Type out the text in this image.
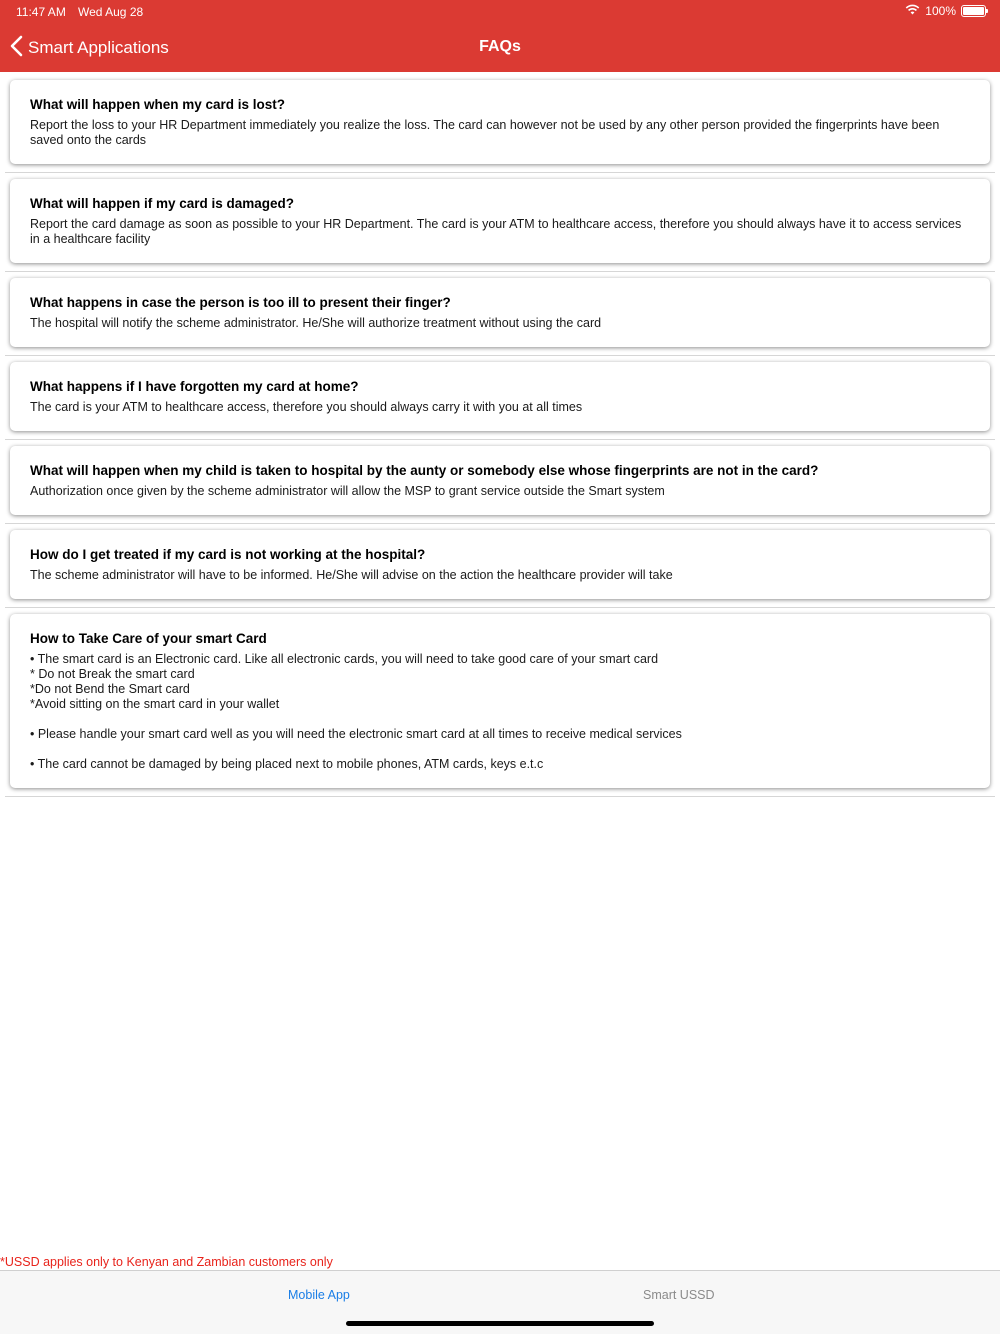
11:47 AM Wed Aug 28	100%
Smart Applications	FAQs
What will happen when my card is lost?
Report the loss to your HR Department immediately you realize the loss. The card can however not be used by any other person provided the fingerprints have been saved onto the cards
What will happen if my card is damaged?
Report the card damage as soon as possible to your HR Department. The card is your ATM to healthcare access, therefore you should always have it to access services in a healthcare facility
What happens in case the person is too ill to present their finger?
The hospital will notify the scheme administrator. He/She will authorize treatment without using the card
What happens if I have forgotten my card at home?
The card is your ATM to healthcare access, therefore you should always carry it with you at all times
What will happen when my child is taken to hospital by the aunty or somebody else whose fingerprints are not in the card?
Authorization once given by the scheme administrator will allow the MSP to grant service outside the Smart system
How do I get treated if my card is not working at the hospital?
The scheme administrator will have to be informed. He/She will advise on the action the healthcare provider will take
How to Take Care of your smart Card
• The smart card is an Electronic card. Like all electronic cards, you will need to take good care of your smart card
* Do not Break the smart card
*Do not Bend the Smart card
*Avoid sitting on the smart card in your wallet

• Please handle your smart card well as you will need the electronic smart card at all times to receive medical services

• The card cannot be damaged by being placed next to mobile phones, ATM cards, keys e.t.c
*USSD applies only to Kenyan and Zambian customers only
Mobile App	Smart USSD
